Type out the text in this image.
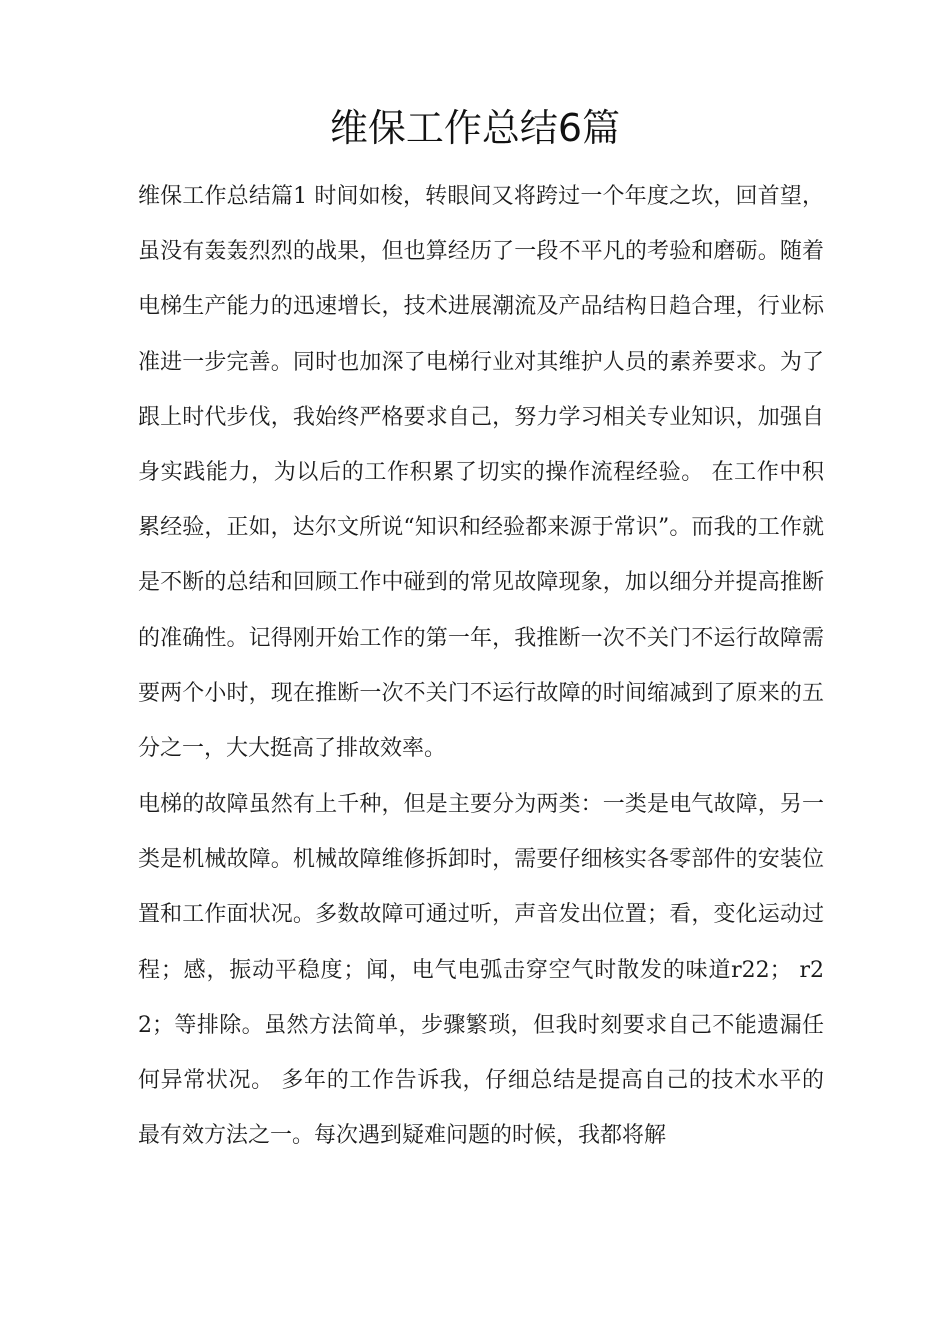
维保工作总结6篇

维保工作总结篇1 时间如梭，转眼间又将跨过一个年度之坎，回首望，虽没有轰轰烈烈的战果，但也算经历了一段不平凡的考验和磨砺。随着电梯生产能力的迅速增长，技术进展潮流及产品结构日趋合理，行业标准进一步完善。同时也加深了电梯行业对其维护人员的素养要求。为了跟上时代步伐，我始终严格要求自己，努力学习相关专业知识，加强自身实践能力，为以后的工作积累了切实的操作流程经验。 在工作中积累经验，正如，达尔文所说“知识和经验都来源于常识”。而我的工作就是不断的总结和回顾工作中碰到的常见故障现象，加以细分并提高推断的准确性。记得刚开始工作的第一年，我推断一次不关门不运行故障需要两个小时，现在推断一次不关门不运行故障的时间缩减到了原来的五分之一，大大挺高了排故效率。

电梯的故障虽然有上千种，但是主要分为两类：一类是电气故障，另一类是机械故障。机械故障维修拆卸时，需要仔细核实各零部件的安装位置和工作面状况。多数故障可通过听，声音发出位置；看，变化运动过程；感，振动平稳度；闻，电气电弧击穿空气时散发的味道r22； r22；等排除。虽然方法简单，步骤繁琐，但我时刻要求自己不能遗漏任何异常状况。 多年的工作告诉我，仔细总结是提高自己的技术水平的最有效方法之一。每次遇到疑难问题的时候，我都将解
